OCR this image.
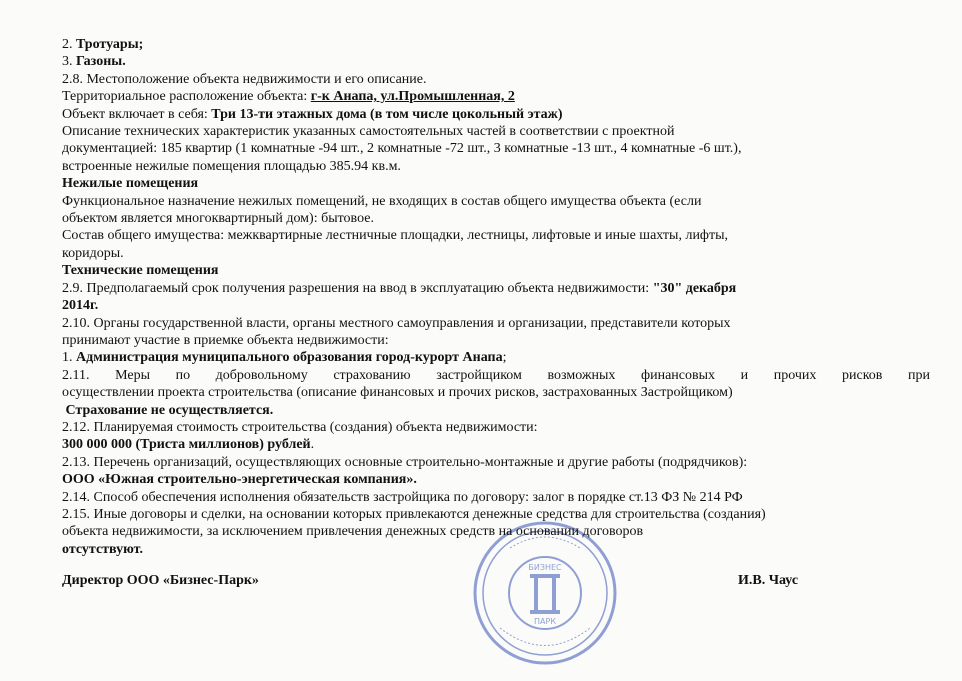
БИЗНЕС
ПАРК
2. Тротуары;
3. Газоны.
2.8. Местоположение объекта недвижимости и его описание.
Территориальное расположение объекта: г-к Анапа, ул.Промышленная, 2
Объект включает в себя: Три 13-ти этажных дома (в том числе цокольный этаж)
Описание технических характеристик указанных самостоятельных частей в соответствии с проектной
документацией: 185 квартир (1 комнатные -94 шт., 2 комнатные -72 шт., 3 комнатные -13 шт., 4 комнатные -6 шт.),
встроенные нежилые помещения площадью 385.94 кв.м.
Нежилые помещения
Функциональное назначение нежилых помещений, не входящих в состав общего имущества объекта (если
объектом является многоквартирный дом): бытовое.
Состав общего имущества: межквартирные лестничные площадки, лестницы, лифтовые и иные шахты, лифты,
коридоры.
Технические помещения
2.9. Предполагаемый срок получения разрешения на ввод в эксплуатацию объекта недвижимости: "30" декабря
2014г.
2.10. Органы государственной власти, органы местного самоуправления и организации, представители которых
принимают участие в приемке объекта недвижимости:
1. Администрация муниципального образования город-курорт Анапа;
2.11. Меры по добровольному страхованию застройщиком возможных финансовых и прочих рисков при
осуществлении проекта строительства (описание финансовых и прочих рисков, застрахованных Застройщиком)
Страхование не осуществляется.
2.12. Планируемая стоимость строительства (создания) объекта недвижимости:
300 000 000 (Триста миллионов) рублей.
2.13. Перечень организаций, осуществляющих основные строительно-монтажные и другие работы (подрядчиков):
ООО «Южная строительно-энергетическая компания».
2.14. Способ обеспечения исполнения обязательств застройщика по договору: залог в порядке ст.13 ФЗ № 214 РФ
2.15. Иные договоры и сделки, на основании которых привлекаются денежные средства для строительства (создания)
объекта недвижимости, за исключением привлечения денежных средств на основании договоров
отсутствуют.
Директор ООО «Бизнес-Парк»	И.В. Чаус
